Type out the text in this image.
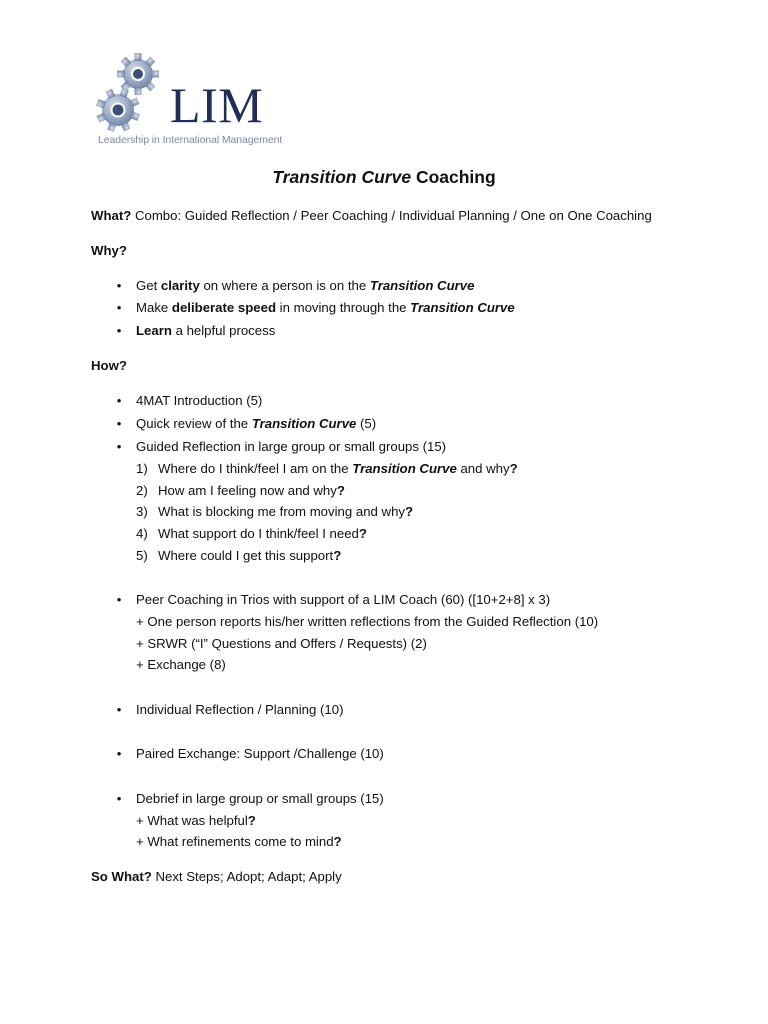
LIM
Leadership in International Management
Transition Curve Coaching
What? Combo: Guided Reflection / Peer Coaching / Individual Planning / One on One Coaching
Why?
• Get clarity on where a person is on the Transition Curve
• Make deliberate speed in moving through the Transition Curve
• Learn a helpful process
How?
• 4MAT Introduction (5)
• Quick review of the Transition Curve (5)
• Guided Reflection in large group or small groups (15)
1) Where do I think/feel I am on the Transition Curve and why?
2) How am I feeling now and why?
3) What is blocking me from moving and why?
4) What support do I think/feel I need?
5) Where could I get this support?
• Peer Coaching in Trios with support of a LIM Coach (60) ([10+2+8] x 3)
+ One person reports his/her written reflections from the Guided Reflection (10)
+ SRWR (“I” Questions and Offers / Requests) (2)
+ Exchange (8)
• Individual Reflection / Planning (10)
• Paired Exchange: Support /Challenge (10)
• Debrief in large group or small groups (15)
+ What was helpful?
+ What refinements come to mind?
So What? Next Steps; Adopt; Adapt; Apply
